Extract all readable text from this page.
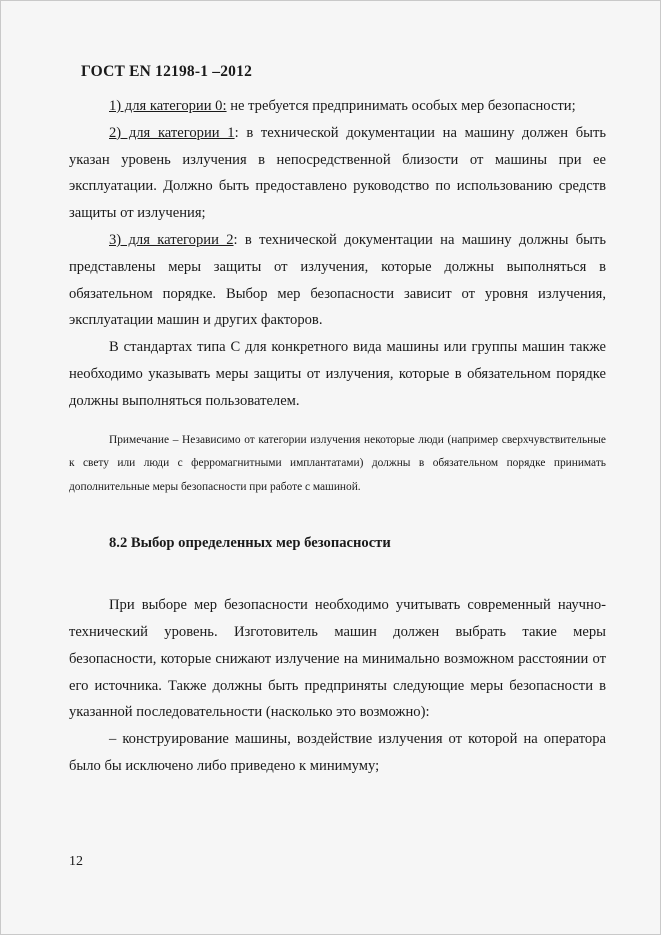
ГОСТ EN 12198-1 –2012

1) для категории 0: не требуется предпринимать особых мер безопасности;

2) для категории 1: в технической документации на машину должен быть указан уровень излучения в непосредственной близости от машины при ее эксплуатации. Должно быть предоставлено руководство по использованию средств защиты от излучения;

3) для категории 2: в технической документации на машину должны быть представлены меры защиты от излучения, которые должны выполняться в обязательном порядке. Выбор мер безопасности зависит от уровня излучения, эксплуатации машин и других факторов.

В стандартах типа С для конкретного вида машины или группы машин также необходимо указывать меры защиты от излучения, которые в обязательном порядке должны выполняться пользователем.

Примечание – Независимо от категории излучения некоторые люди (например сверхчувствительные к свету или люди с ферромагнитными имплантатами) должны в обязательном порядке принимать дополнительные меры безопасности при работе с машиной.

8.2 Выбор определенных мер безопасности

При выборе мер безопасности необходимо учитывать современный научно-технический уровень. Изготовитель машин должен выбрать такие меры безопасности, которые снижают излучение на минимально возможном расстоянии от его источника. Также должны быть предприняты следующие меры безопасности в указанной последовательности (насколько это возможно):

– конструирование машины, воздействие излучения от которой на оператора было бы исключено либо приведено к минимуму;

12
